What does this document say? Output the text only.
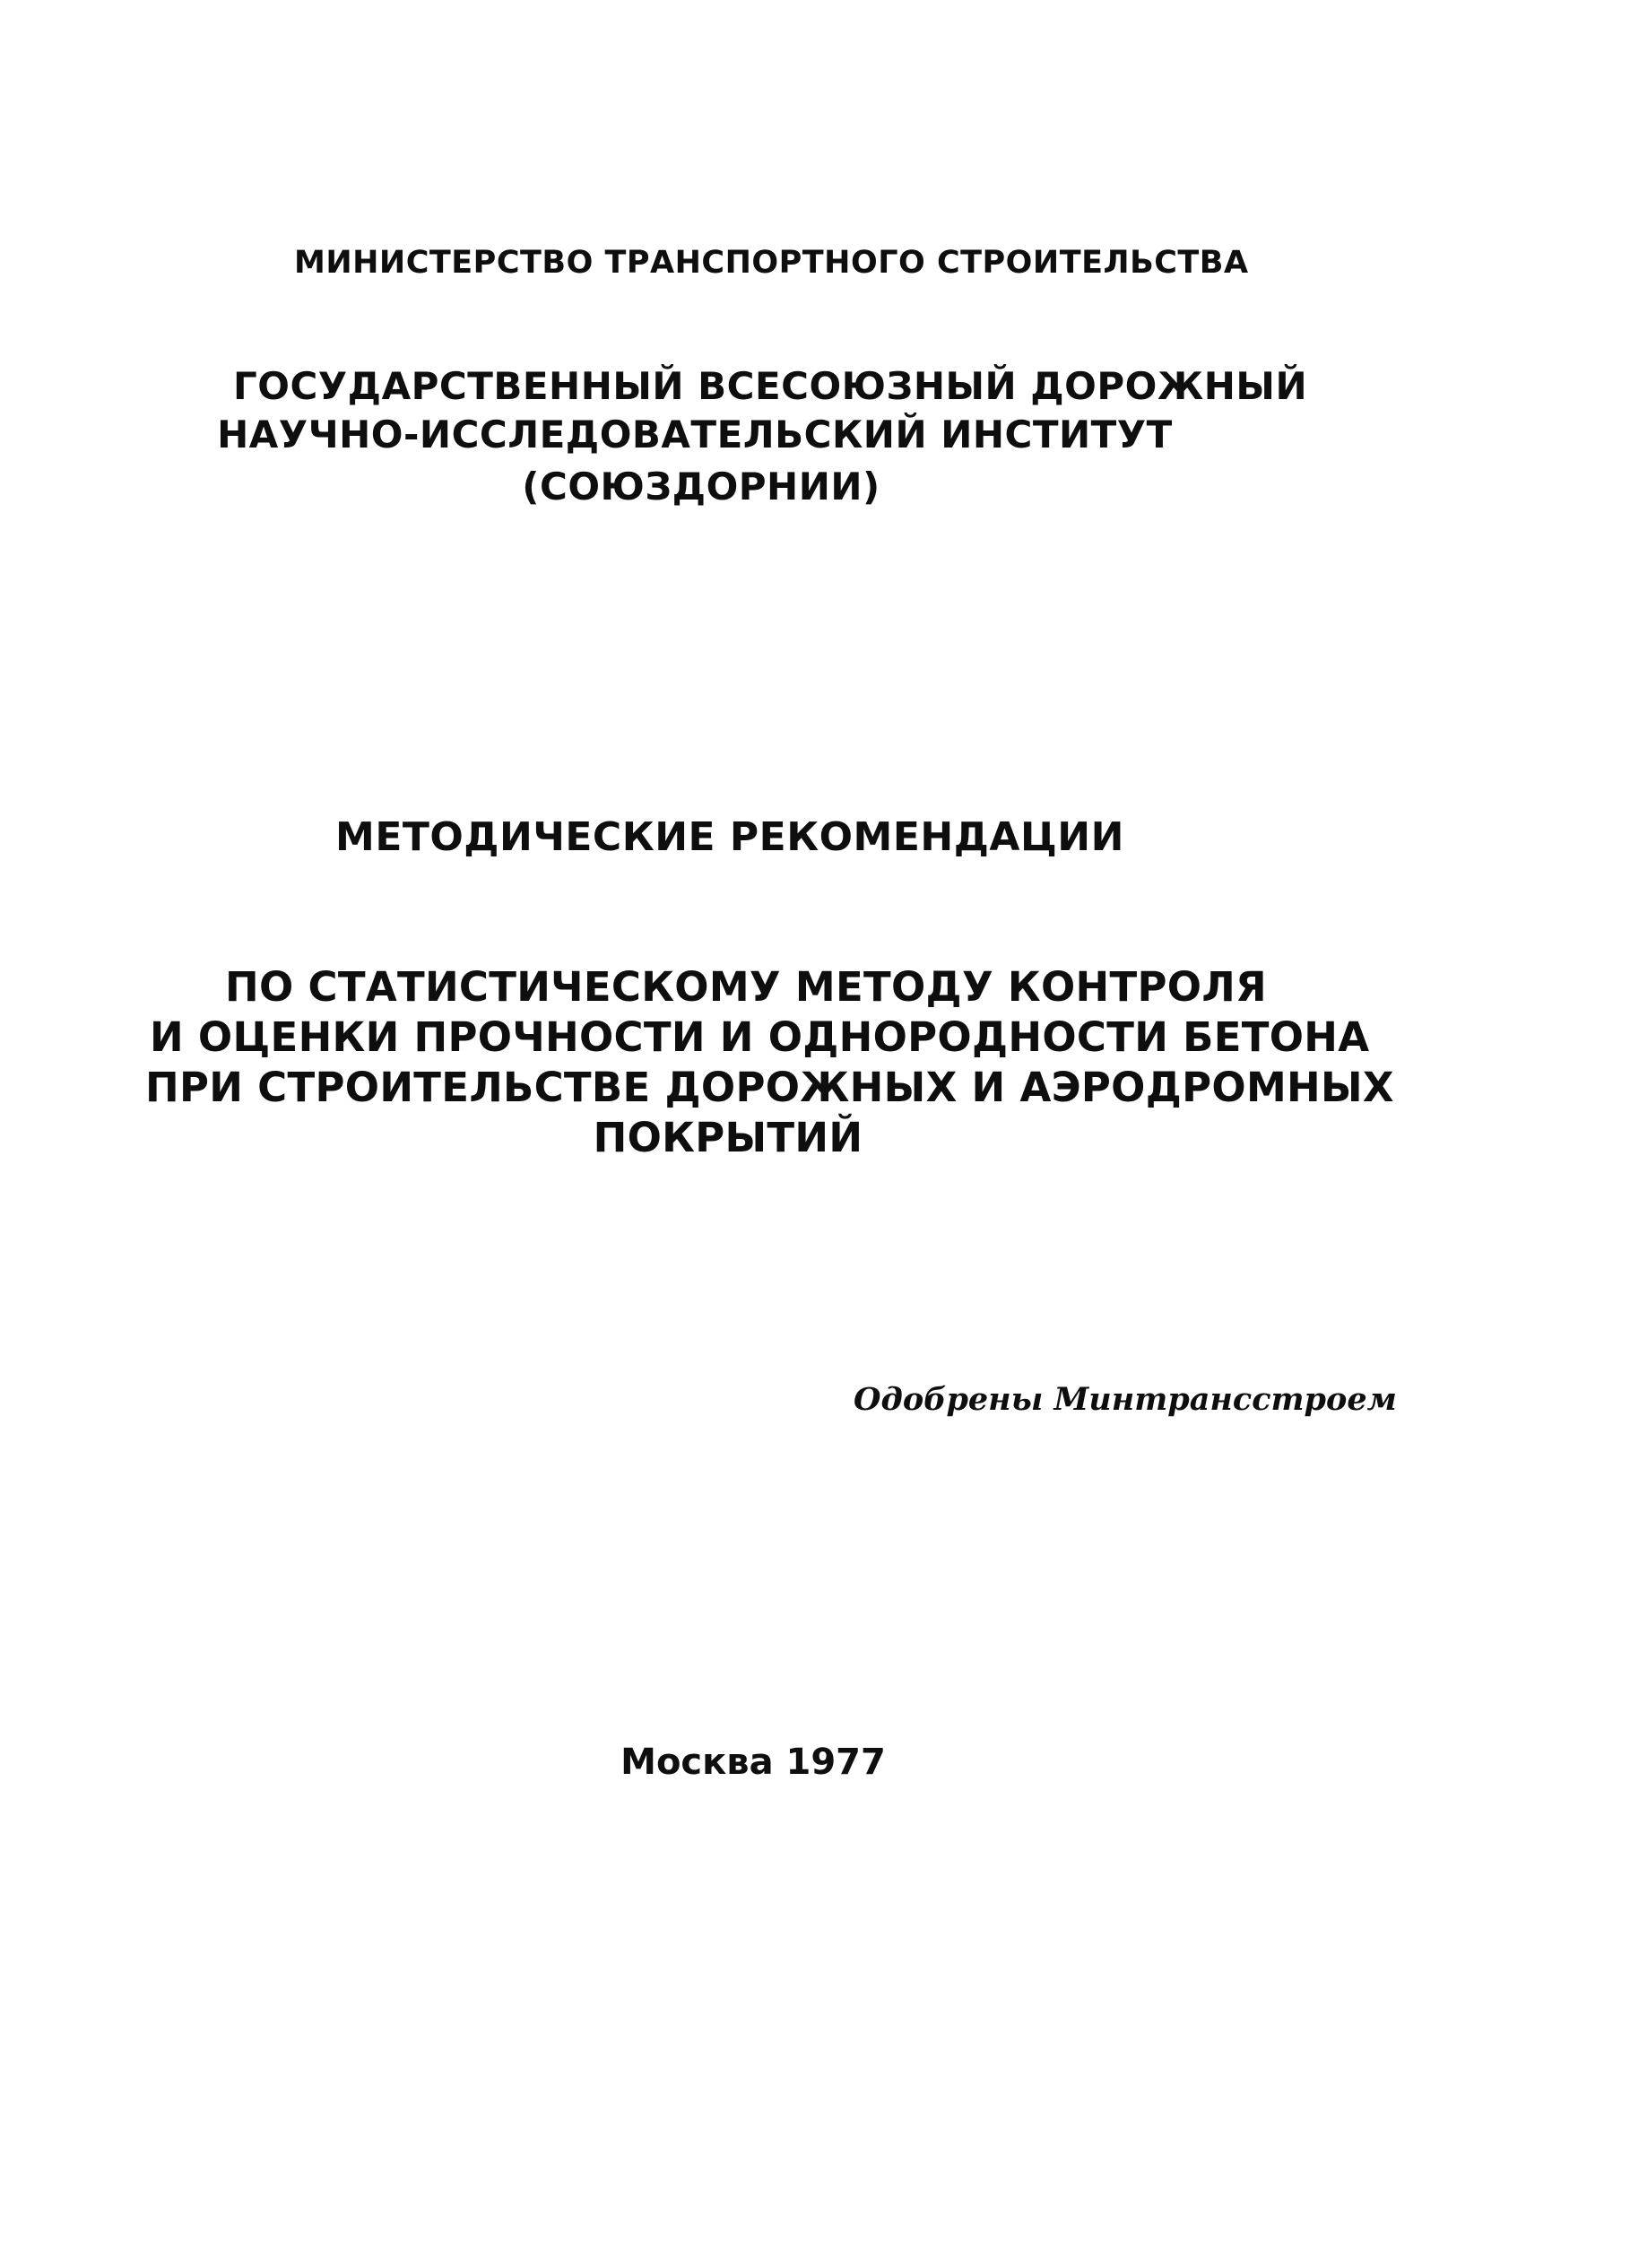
МИНИСТЕРСТВО ТРАНСПОРТНОГО СТРОИТЕЛЬСТВА
ГОСУДАРСТВЕННЫЙ ВСЕСОЮЗНЫЙ ДОРОЖНЫЙ
НАУЧНО-ИССЛЕДОВАТЕЛЬСКИЙ ИНСТИТУТ
(СОЮЗДОРНИИ)
МЕТОДИЧЕСКИЕ РЕКОМЕНДАЦИИ
ПО СТАТИСТИЧЕСКОМУ МЕТОДУ КОНТРОЛЯ
И ОЦЕНКИ ПРОЧНОСТИ И ОДНОРОДНОСТИ БЕТОНА
ПРИ СТРОИТЕЛЬСТВЕ ДОРОЖНЫХ И АЭРОДРОМНЫХ
ПОКРЫТИЙ
Одобрены Минтрансстроем
Москва 1977
